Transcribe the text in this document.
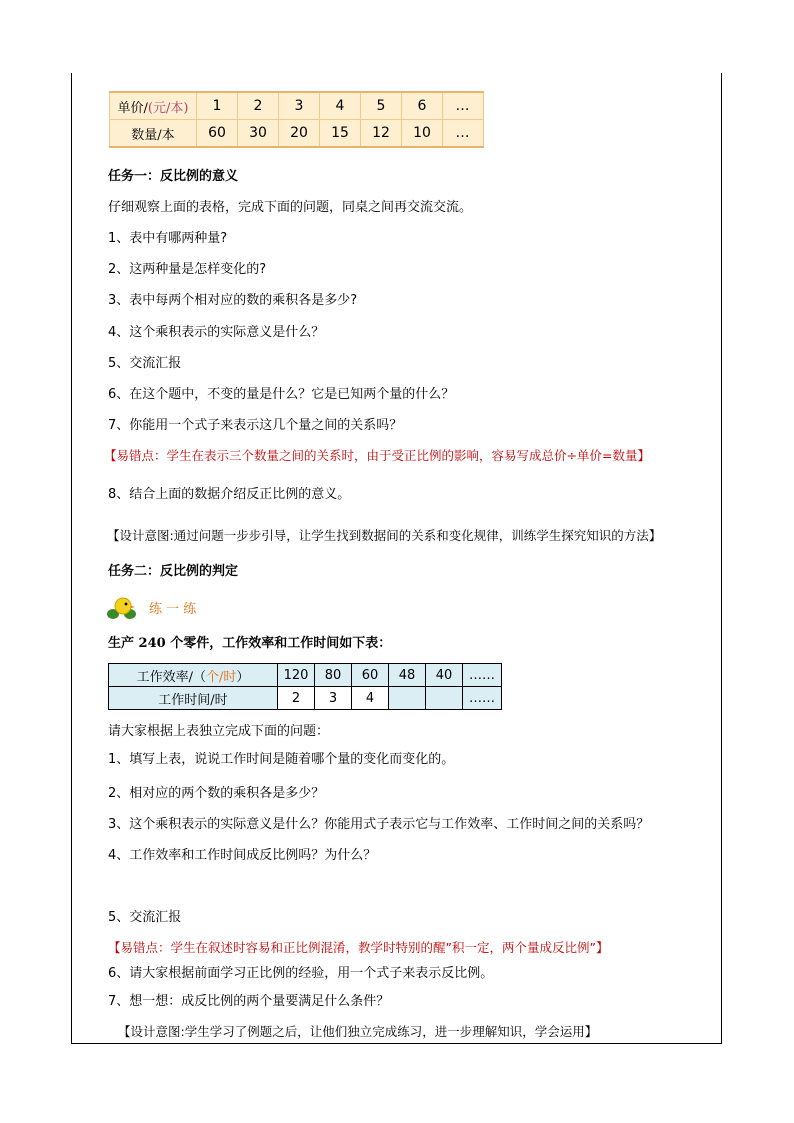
单价/(元/本)	1	2	3	4	5	6	…
数量/本	60	30	20	15	12	10	…
任务一：反比例的意义
仔细观察上面的表格，完成下面的问题，同桌之间再交流交流。
1、表中有哪两种量?
2、这两种量是怎样变化的?
3、表中每两个相对应的数的乘积各是多少?
4、这个乘积表示的实际意义是什么？
5、交流汇报
6、在这个题中，不变的量是什么？它是已知两个量的什么？
7、你能用一个式子来表示这几个量之间的关系吗？
【易错点：学生在表示三个数量之间的关系时，由于受正比例的影响，容易写成总价÷单价=数量】
8、结合上面的数据介绍反正比例的意义。
【设计意图:通过问题一步步引导，让学生找到数据间的关系和变化规律，训练学生探究知识的方法】
任务二：反比例的判定
练 一 练
生产 240 个零件，工作效率和工作时间如下表：
工作效率/（个/时）	120	80	60	48	40	……
工作时间/时	2	3	4			……
请大家根据上表独立完成下面的问题：
1、填写上表，说说工作时间是随着哪个量的变化而变化的。
2、相对应的两个数的乘积各是多少？
3、这个乘积表示的实际意义是什么？你能用式子表示它与工作效率、工作时间之间的关系吗？
4、工作效率和工作时间成反比例吗？为什么？
5、交流汇报
【易错点：学生在叙述时容易和正比例混淆，教学时特别的醒”积一定，两个量成反比例”】
6、请大家根据前面学习正比例的经验，用一个式子来表示反比例。
7、想一想：成反比例的两个量要满足什么条件？
【设计意图:学生学习了例题之后，让他们独立完成练习，进一步理解知识，学会运用】
